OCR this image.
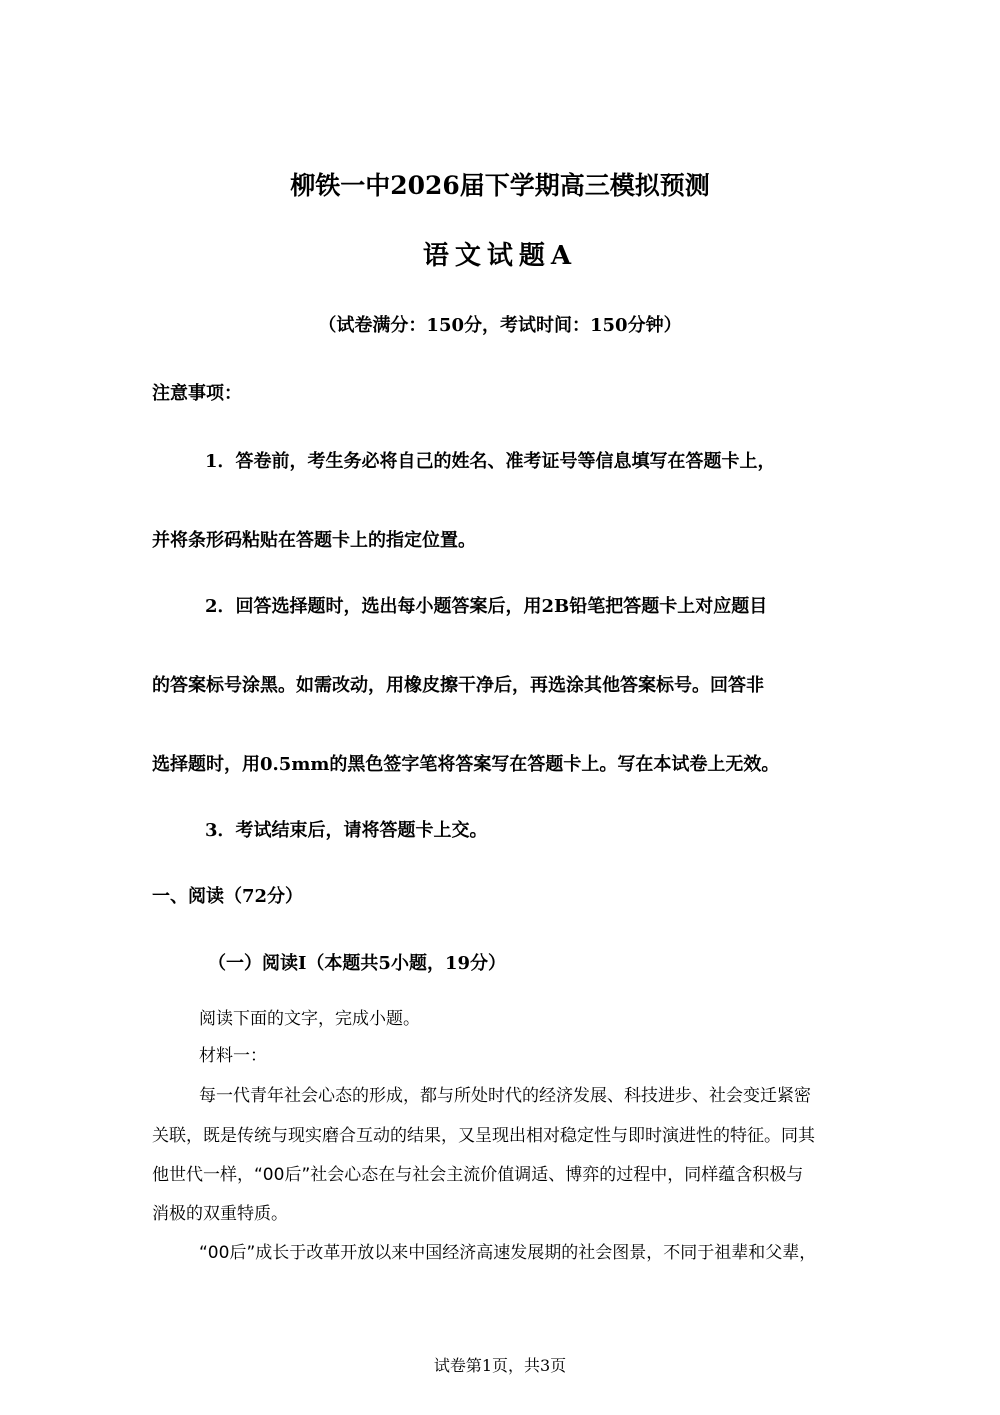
柳铁一中2026届下学期高三模拟预测
语文试题A
（试卷满分：150分，考试时间：150分钟）
注意事项：
1．答卷前，考生务必将自己的姓名、准考证号等信息填写在答题卡上，
并将条形码粘贴在答题卡上的指定位置。
2．回答选择题时，选出每小题答案后，用2B铅笔把答题卡上对应题目
的答案标号涂黑。如需改动，用橡皮擦干净后，再选涂其他答案标号。回答非
选择题时，用0.5mm的黑色签字笔将答案写在答题卡上。写在本试卷上无效。
3．考试结束后，请将答题卡上交。
一、阅读（72分）
（一）阅读Ⅰ（本题共5小题，19分）
阅读下面的文字，完成小题。
材料一：
每一代青年社会心态的形成，都与所处时代的经济发展、科技进步、社会变迁紧密
关联，既是传统与现实磨合互动的结果，又呈现出相对稳定性与即时演进性的特征。同其
他世代一样，“00后”社会心态在与社会主流价值调适、博弈的过程中，同样蕴含积极与
消极的双重特质。
“00后”成长于改革开放以来中国经济高速发展期的社会图景，不同于祖辈和父辈，
试卷第1页，共3页
